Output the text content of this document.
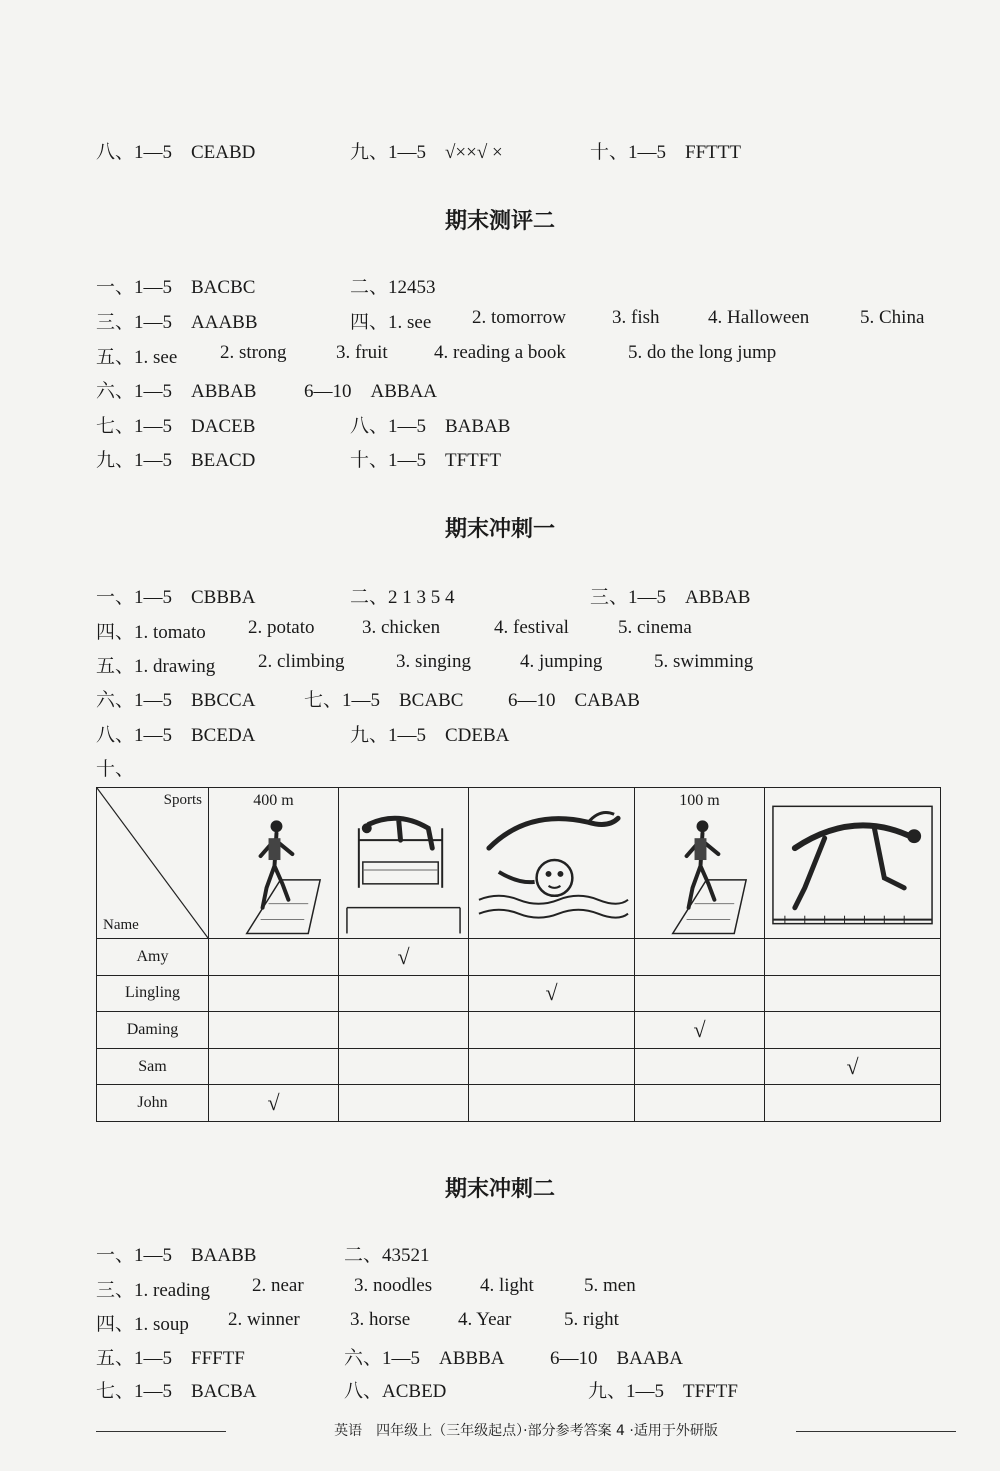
八、1—5　CEABD	九、1—5　√××√ ×	十、1—5　FFTTT
期末测评二
一、1—5　BACBC	二、12453
三、1—5　AAABB	四、1. see 2. tomorrow 3. fish	4. Halloween	5. China
五、1. see 2. strong	3. fruit 4. reading a book	5. do the long jump
六、1—5　ABBAB	6—10　ABBAA
七、1—5　DACEB	八、1—5　BABAB
九、1—5　BEACD	十、1—5　TFTFT
期末冲刺一
一、1—5　CBBBA	二、2 1 3 5 4	三、1—5　ABBAB
四、1. tomato 2. potato	3. chicken	4. festival	5. cinema
五、1. drawing 2. climbing	3. singing	4. jumping	5. swimming
六、1—5　BBCCA	七、1—5　BCABC 6—10　CABAB
八、1—5　BCEDA	九、1—5　CDEBA
十、
Sports
Name	400 m			100 m

Amy		√			
Lingling			√		
Daming				√	
Sam					√
John	√				
期末冲刺二
一、1—5　BAABB	二、43521
三、1. reading 2. near	3. noodles	4. light	5. men
四、1. soup 2. winner	3. horse	4. Year	5. right
五、1—5　FFFTF	六、1—5　ABBBA 6—10　BAABA
七、1—5　BACBA	八、ACBED	九、1—5　TFFTF
英语　四年级上（三年级起点）·部分参考答案 4 ·适用于外研版
